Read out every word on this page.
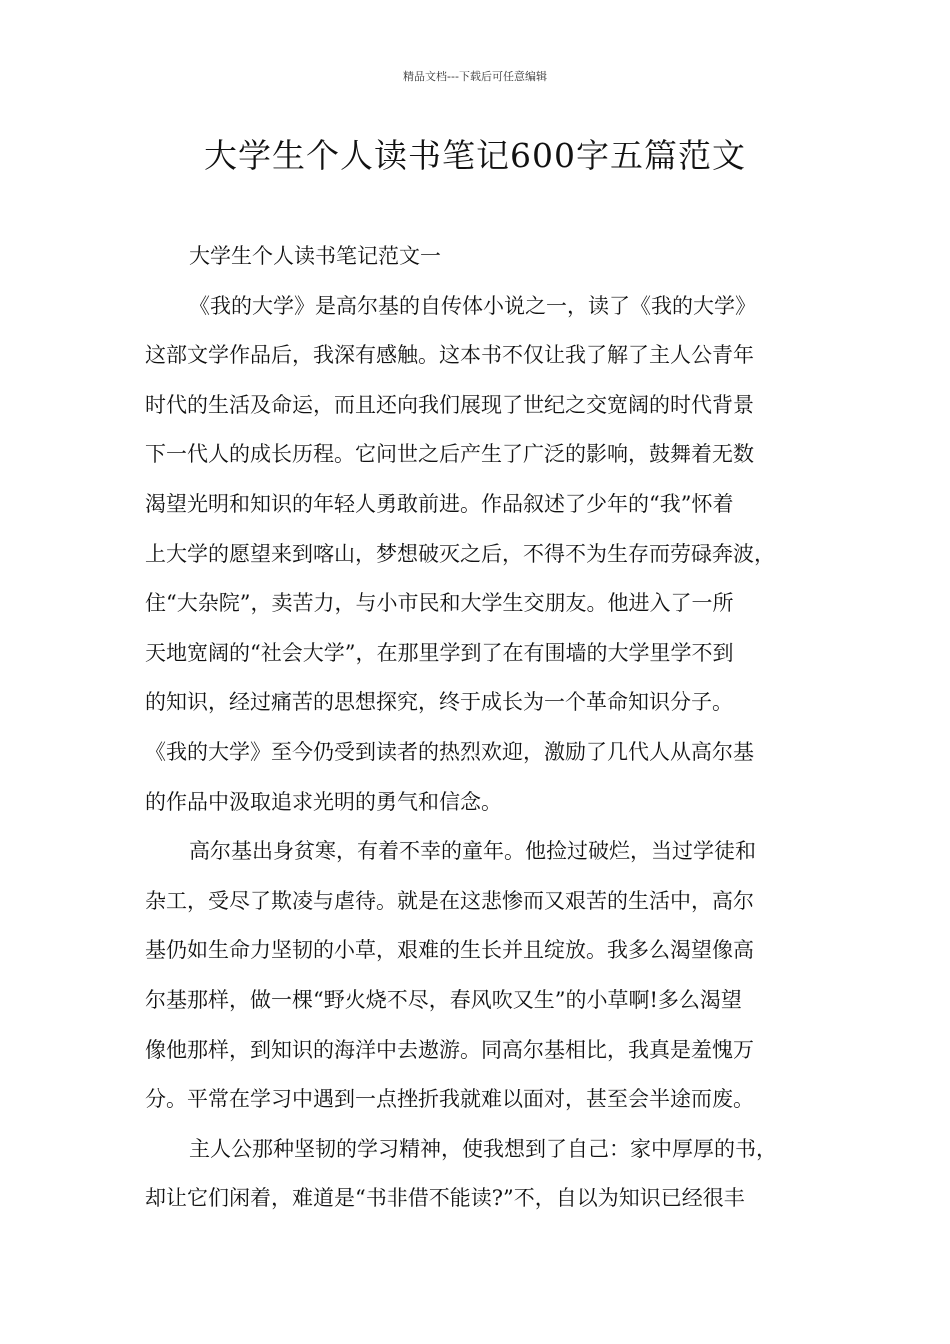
精品文档---下载后可任意编辑
大学生个人读书笔记600字五篇范文
大学生个人读书笔记范文一
《我的大学》是高尔基的自传体小说之一，读了《我的大学》
这部文学作品后，我深有感触。这本书不仅让我了解了主人公青年
时代的生活及命运，而且还向我们展现了世纪之交宽阔的时代背景
下一代人的成长历程。它问世之后产生了广泛的影响，鼓舞着无数
渴望光明和知识的年轻人勇敢前进。作品叙述了少年的“我”怀着
上大学的愿望来到喀山，梦想破灭之后，不得不为生存而劳碌奔波，
住“大杂院”，卖苦力，与小市民和大学生交朋友。他进入了一所
天地宽阔的“社会大学”，在那里学到了在有围墙的大学里学不到
的知识，经过痛苦的思想探究，终于成长为一个革命知识分子。
《我的大学》至今仍受到读者的热烈欢迎，激励了几代人从高尔基
的作品中汲取追求光明的勇气和信念。
高尔基出身贫寒，有着不幸的童年。他捡过破烂，当过学徒和
杂工，受尽了欺凌与虐待。就是在这悲惨而又艰苦的生活中，高尔
基仍如生命力坚韧的小草，艰难的生长并且绽放。我多么渴望像高
尔基那样，做一棵“野火烧不尽，春风吹又生”的小草啊!多么渴望
像他那样，到知识的海洋中去遨游。同高尔基相比，我真是羞愧万
分。平常在学习中遇到一点挫折我就难以面对，甚至会半途而废。
主人公那种坚韧的学习精神，使我想到了自己：家中厚厚的书，
却让它们闲着，难道是“书非借不能读?”不，自以为知识已经很丰
